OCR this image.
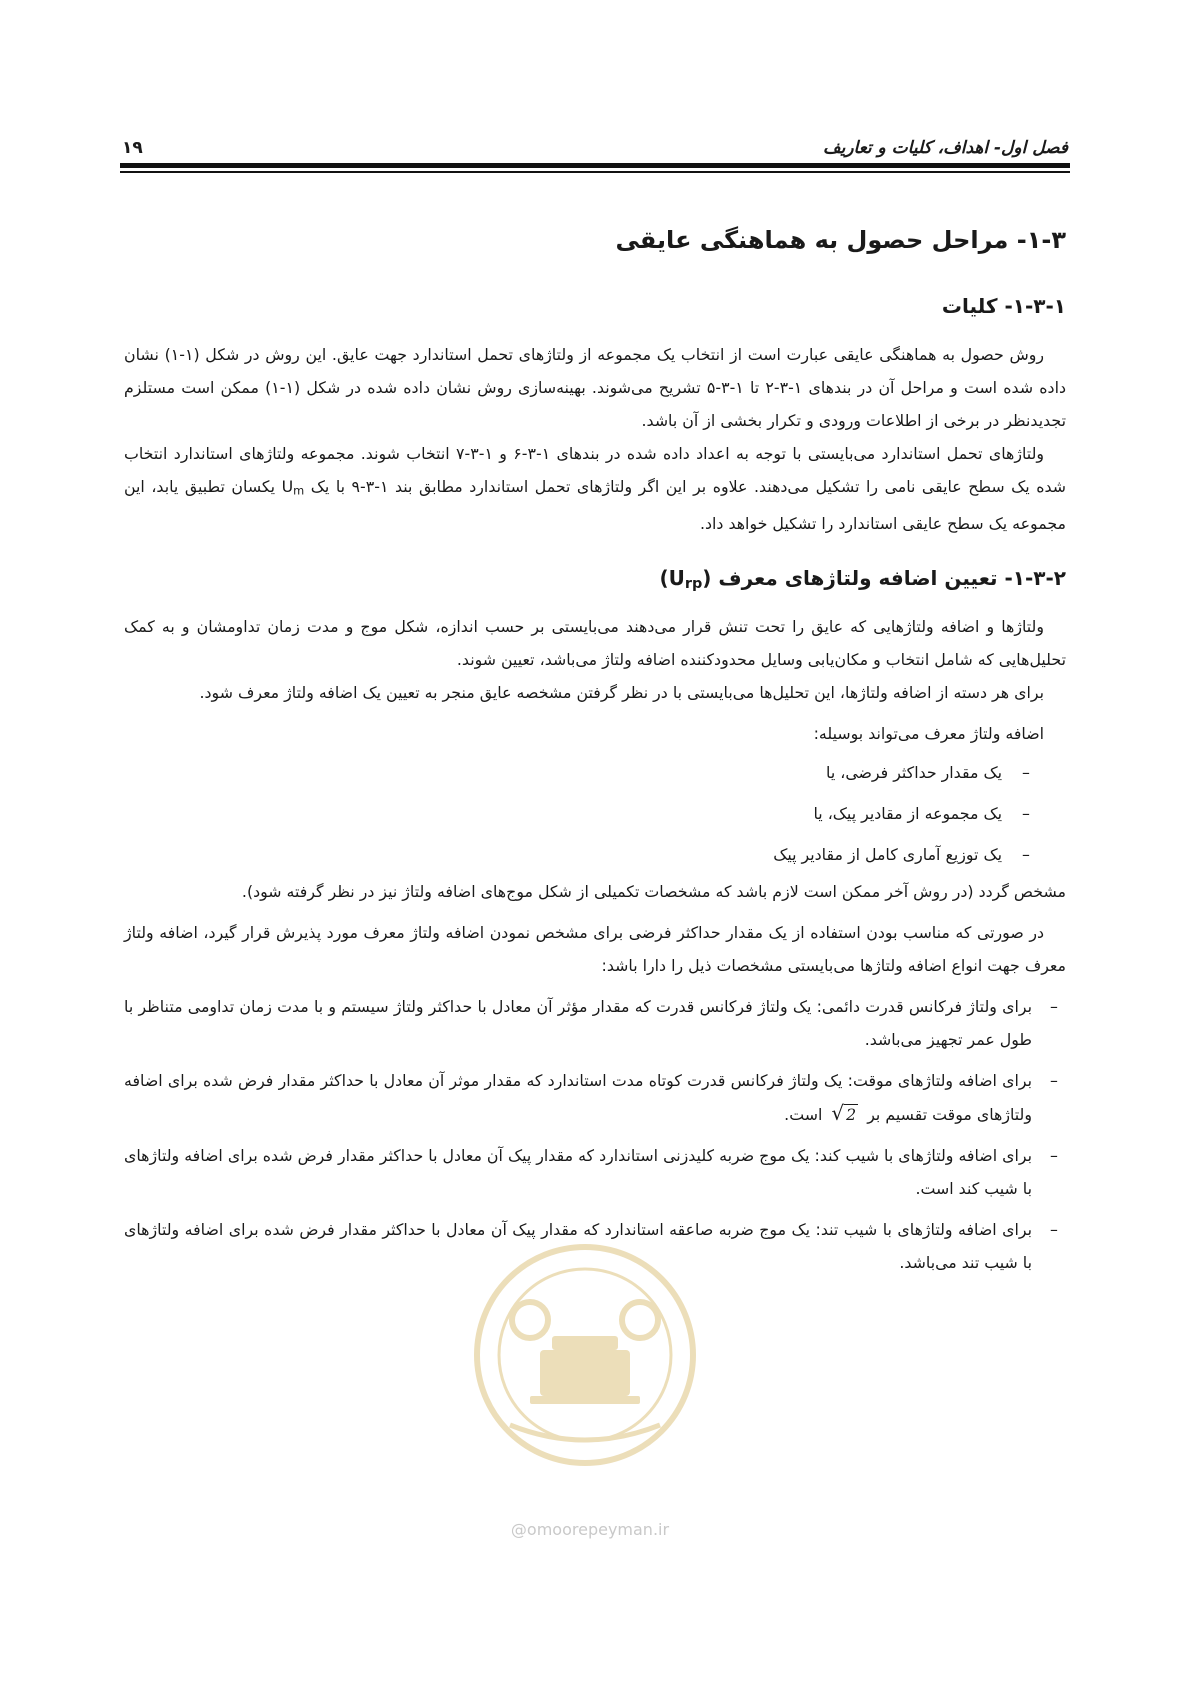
فصل اول- اهداف، کلیات و تعاریف
۱۹
۱-۳- مراحل حصول به هماهنگی عایقی
۱-۳-۱- کلیات

روش حصول به هماهنگی عایقی عبارت است از انتخاب یک مجموعه از ولتاژهای تحمل استاندارد جهت عایق. این روش در شکل (۱-۱) نشان داده شده است و مراحل آن در بندهای ۱-۳-۲ تا ۱-۳-۵ تشریح می‌شوند. بهینه‌سازی روش نشان داده شده در شکل (۱-۱) ممکن است مستلزم تجدیدنظر در برخی از اطلاعات ورودی و تکرار بخشی از آن باشد.

ولتاژهای تحمل استاندارد می‌بایستی با توجه به اعداد داده شده در بندهای ۱-۳-۶ و ۱-۳-۷ انتخاب شوند. مجموعه ولتاژهای استاندارد انتخاب شده یک سطح عایقی نامی را تشکیل می‌دهند. علاوه بر این اگر ولتاژهای تحمل استاندارد مطابق بند ۱-۳-۹ با یک $U_m$ یکسان تطبیق یابد، این مجموعه یک سطح عایقی استاندارد را تشکیل خواهد داد.

۱-۳-۲- تعیین اضافه ولتاژهای معرف (Urp)

ولتاژها و اضافه ولتاژهایی که عایق را تحت تنش قرار می‌دهند می‌بایستی بر حسب اندازه، شکل موج و مدت زمان تداومشان و به کمک تحلیل‌هایی که شامل انتخاب و مکان‌یابی وسایل محدودکننده اضافه ولتاژ می‌باشد، تعیین شوند.

برای هر دسته از اضافه ولتاژها، این تحلیل‌ها می‌بایستی با در نظر گرفتن مشخصه عایق منجر به تعیین یک اضافه ولتاژ معرف شود.

اضافه ولتاژ معرف می‌تواند بوسیله:

–
یک مقدار حداکثر فرضی، یا
–
یک مجموعه از مقادیر پیک، یا
–
یک توزیع آماری کامل از مقادیر پیک

مشخص گردد (در روش آخر ممکن است لازم باشد که مشخصات تکمیلی از شکل موج‌های اضافه ولتاژ نیز در نظر گرفته شود).

در صورتی که مناسب بودن استفاده از یک مقدار حداکثر فرضی برای مشخص نمودن اضافه ولتاژ معرف مورد پذیرش قرار گیرد، اضافه ولتاژ معرف جهت انواع اضافه ولتاژها می‌بایستی مشخصات ذیل را دارا باشد:

–
برای ولتاژ فرکانس قدرت دائمی: یک ولتاژ فرکانس قدرت که مقدار مؤثر آن معادل با حداکثر ولتاژ سیستم و با مدت زمان تداومی متناظر با طول عمر تجهیز می‌باشد.
–
برای اضافه ولتاژهای موقت: یک ولتاژ فرکانس قدرت کوتاه مدت استاندارد که مقدار موثر آن معادل با حداکثر مقدار فرض شده برای اضافه ولتاژهای موقت تقسیم بر √ 2 است.
–
برای اضافه ولتاژهای با شیب کند: یک موج ضربه کلیدزنی استاندارد که مقدار پیک آن معادل با حداکثر مقدار فرض شده برای اضافه ولتاژهای با شیب کند است.
–
برای اضافه ولتاژهای با شیب تند: یک موج ضربه صاعقه استاندارد که مقدار پیک آن معادل با حداکثر مقدار فرض شده برای اضافه ولتاژهای با شیب تند می‌باشد.
@omoorepeyman.ir
